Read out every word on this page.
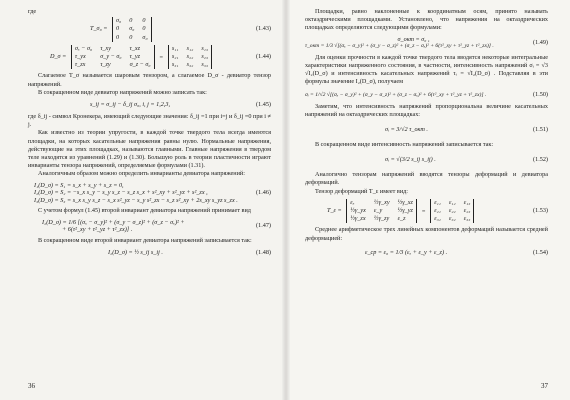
где

T_σ₀ =
σ₀ 0	0
0	σ₀ 0
0	0	σ₀
(1.43)
D_σ =
σₓ − σ₀ τ_xy	τ_xz
τ_yx	σ_y − σ₀ τ_yz
τ_zx	τ_zy	σ_z − σ₀
=
s₁₁ s₁₂ s₁₃
s₂₁ s₂₂ s₂₃
s₃₁ s₃₂ s₃₃
(1.44)

Слагаемое T_σ называется шаровым тензором, а слагаемое D_σ - девиатор тензор напряжений.

В сокращенном виде девиатор напряжений можно записать так:

s_ij = σ_ij − δ_ij σ₀, i, j = 1,2,3,	(1.45)

где δ_ij - символ Кронекера, имеющий следующие значения: δ_ij =1 при i=j и δ_ij =0 при i ≠ j.

Как известно из теории упругости, в каждой точке твердого тела всегда имеются площадки, на которых касательные напряжения равны нулю. Нормальные напряжения, действующие на этих площадках, называются главными. Главные напряжения в твердом теле находятся из уравнений (1.29) и (1.30). Большую роль в теории пластичности играют инварианты тензора напряжений, определяемые формулами (1.31).

Аналогичным образом можно определить инварианты девиатора напряжений:

I₁(D_σ) = S₁ = s_x + s_y + s_z = 0,
I₂(D_σ) = S₂ = −s_x s_y − s_y s_z − s_z s_x + s²_xy + s²_yz + s²_zx ,
I₃(D_σ) = S₃ = s_x s_y s_z − s_x s²_yz − s_y s²_zx − s_z s²_xy + 2s_xy s_yz s_zx .
(1.46)

С учетом формул (1.45) второй инвариант девиатора напряжений принимает вид

I₂(D_σ) = 1/6 [(σₓ − σ_y)² + (σ_y − σ_z)² + (σ_z − σₓ)² +
+ 6(τ²_xy + τ²_yz + τ²_zx)] .
(1.47)

В сокращенном виде второй инвариант девиатора напряжений записывается так:

I₂(D_σ) = ½ s_ij s_ij .	(1.48)
36

Площадки, равно наклоненные к координатным осям, принято называть октаэдрическими площадками. Установлено, что напряжения на октаэдрических площадках определяются следующими формулами:

σ_окт = σ₀ ,
τ_окт = 1/3 √[(σₓ − σ_y)² + (σ_y − σ_z)² + (σ_z − σₓ)² + 6(τ²_xy + τ²_yz + τ²_zx)] .	(1.49)

Для оценки прочности в каждой точке твердого тела вводятся некоторые интегральные характеристики напряженного состояния, в частности, интенсивность напряжений σᵢ = √3 √I₂(D_σ) и интенсивность касательных напряжений τᵢ = √I₂(D_σ) . Подставляя в эти формулы значение I₂(D_σ), получаем

σᵢ = 1/√2 √[(σₓ − σ_y)² + (σ_y − σ_z)² + (σ_z − σₓ)² + 6(τ²_xy + τ²_yz + τ²_zx)] .	(1.50)

Заметим, что интенсивность напряжений пропорциональна величине касательных напряжений на октаэдрических площадках:

σᵢ = 3/√2 τ_окт .	(1.51)

В сокращенном виде интенсивность напряжений записывается так:

σᵢ = √(3/2 s_ij s_ij) .	(1.52)

Аналогично тензорам напряжений вводятся тензоры деформаций и девиатора деформаций.

Тензор деформаций T_ε имеет вид:

T_ε =
εₓ	½γ_xy ½γ_xz
½γ_yx ε_y	½γ_yz
½γ_zx ½γ_zy ε_z
=
ε₁₁ ε₁₂ ε₁₃
ε₂₁ ε₂₂ ε₂₃
ε₃₁ ε₃₂ ε₃₃
(1.53)

Среднее арифметическое трех линейных компонентов деформаций называется средней деформацией:

ε_ср = ε₀ = 1/3 (εₓ + ε_y + ε_z) .	(1.54)
37
